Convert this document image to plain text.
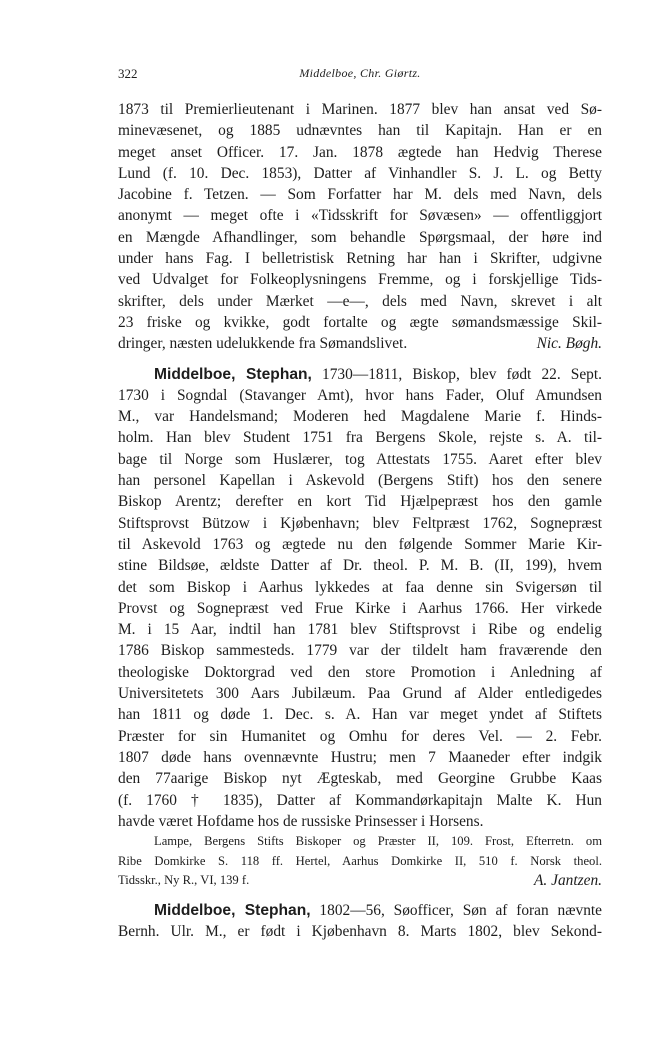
322	Middelboe, Chr. Giørtz.
1873 til Premierlieutenant i Marinen. 1877 blev han ansat ved Sø-
minevæsenet, og 1885 udnævntes han til Kapitajn. Han er en
meget anset Officer. 17. Jan. 1878 ægtede han Hedvig Therese
Lund (f. 10. Dec. 1853), Datter af Vinhandler S. J. L. og Betty
Jacobine f. Tetzen. — Som Forfatter har M. dels med Navn, dels
anonymt — meget ofte i «Tidsskrift for Søvæsen» — offentliggjort
en Mængde Afhandlinger, som behandle Spørgsmaal, der høre ind
under hans Fag. I belletristisk Retning har han i Skrifter, udgivne
ved Udvalget for Folkeoplysningens Fremme, og i forskjellige Tids-
skrifter, dels under Mærket —e—, dels med Navn, skrevet i alt
23 friske og kvikke, godt fortalte og ægte sømandsmæssige Skil-
dringer, næsten udelukkende fra Sømandslivet.	Nic. Bøgh.
Middelboe, Stephan, 1730—1811, Biskop, blev født 22. Sept.
1730 i Sogndal (Stavanger Amt), hvor hans Fader, Oluf Amundsen
M., var Handelsmand; Moderen hed Magdalene Marie f. Hinds-
holm. Han blev Student 1751 fra Bergens Skole, rejste s. A. til-
bage til Norge som Huslærer, tog Attestats 1755. Aaret efter blev
han personel Kapellan i Askevold (Bergens Stift) hos den senere
Biskop Arentz; derefter en kort Tid Hjælpepræst hos den gamle
Stiftsprovst Bützow i Kjøbenhavn; blev Feltpræst 1762, Sognepræst
til Askevold 1763 og ægtede nu den følgende Sommer Marie Kir-
stine Bildsøe, ældste Datter af Dr. theol. P. M. B. (II, 199), hvem
det som Biskop i Aarhus lykkedes at faa denne sin Svigersøn til
Provst og Sognepræst ved Frue Kirke i Aarhus 1766. Her virkede
M. i 15 Aar, indtil han 1781 blev Stiftsprovst i Ribe og endelig
1786 Biskop sammesteds. 1779 var der tildelt ham fraværende den
theologiske Doktorgrad ved den store Promotion i Anledning af
Universitetets 300 Aars Jubilæum. Paa Grund af Alder entledigedes
han 1811 og døde 1. Dec. s. A. Han var meget yndet af Stiftets
Præster for sin Humanitet og Omhu for deres Vel. — 2. Febr.
1807 døde hans ovennævnte Hustru; men 7 Maaneder efter indgik
den 77aarige Biskop nyt Ægteskab, med Georgine Grubbe Kaas
(f. 1760 † 1835), Datter af Kommandørkapitajn Malte K. Hun
havde været Hofdame hos de russiske Prinsesser i Horsens.
Lampe, Bergens Stifts Biskoper og Præster II, 109. Frost, Efterretn. om
Ribe Domkirke S. 118 ff. Hertel, Aarhus Domkirke II, 510 f. Norsk theol.
Tidsskr., Ny R., VI, 139 f.	A. Jantzen.
Middelboe, Stephan, 1802—56, Søofficer, Søn af foran nævnte
Bernh. Ulr. M., er født i Kjøbenhavn 8. Marts 1802, blev Sekond-
